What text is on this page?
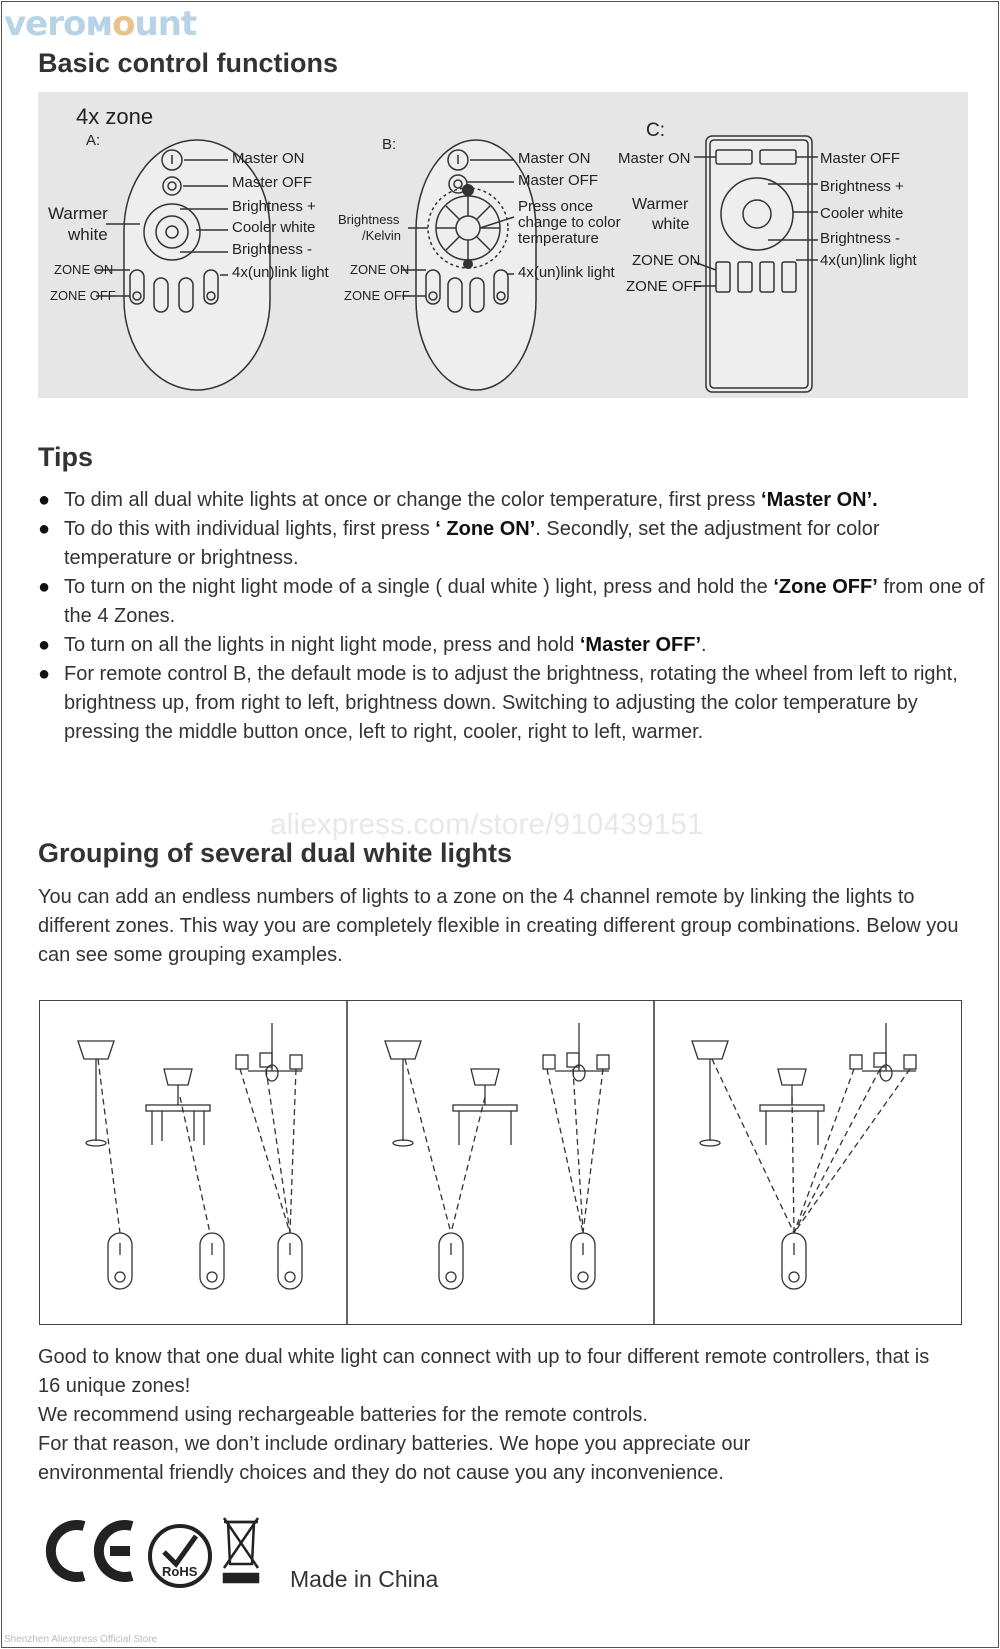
veroмount
Basic control functions
4x zone
A:
Master ON
Master OFF
Brightness +
Cooler white
Brightness -
4x(un)link light
Warmer
white
ZONE ON
ZONE OFF
B:
Master ON
Master OFF
Press once
change to color
temperature
Brightness
/Kelvin
4x(un)link light
ZONE ON
ZONE OFF
C:
Master ON	Master OFF
Brightness +
Cooler white
Brightness -
4x(un)link light
Warmer
white
ZONE ON
ZONE OFF
Tips

● To dim all dual white lights at once or change the color temperature, first press ‘Master ON’.

● To do this with individual lights, first press ‘ Zone ON’. Secondly, set the adjustment for color temperature or brightness.

● To turn on the night light mode of a single ( dual white ) light, press and hold the ‘Zone OFF’ from one of the 4 Zones.

● To turn on all the lights in night light mode, press and hold ‘Master OFF’.

● For remote control B, the default mode is to adjust the brightness, rotating the wheel from left to right, brightness up, from right to left, brightness down. Switching to adjusting the color temperature by pressing the middle button once, left to right, cooler, right to left, warmer.

aliexpress.com/store/910439151
Grouping of several dual white lights

You can add an endless numbers of lights to a zone on the 4 channel remote by linking the lights to different zones. This way you are completely flexible in creating different group combinations. Below you can see some grouping examples.

Good to know that one dual white light can connect with up to four different remote controllers, that is 16 unique zones!

We recommend using rechargeable batteries for the remote controls.

For that reason, we don’t include ordinary batteries. We hope you appreciate our environmental friendly choices and they do not cause you any inconvenience.

RoHS	Made in China
Shenzhen Aliexpress Official Store
